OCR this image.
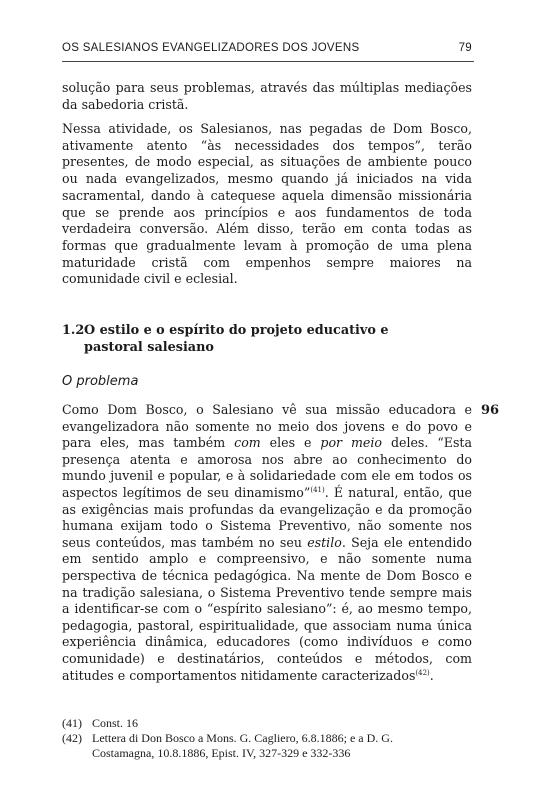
OS SALESIANOS EVANGELIZADORES DOS JOVENS	79
solução para seus problemas, através das múltiplas mediações da sabedoria cristã.
Nessa atividade, os Salesianos, nas pegadas de Dom Bosco, ativamente atento “às necessidades dos tempos”, terão presentes, de modo especial, as situações de ambiente pouco ou nada evangelizados, mesmo quando já iniciados na vida sacramental, dando à catequese aquela dimensão missionária que se prende aos princípios e aos fundamentos de toda verdadeira conversão. Além disso, terão em conta todas as formas que gradualmente levam à promoção de uma plena maturidade cristã com empenhos sempre maiores na comunidade civil e eclesial.
1.2O estilo e o espírito do projeto educativo e
pastoral salesiano
O problema
96
Como Dom Bosco, o Salesiano vê sua missão educadora e evangelizadora não somente no meio dos jovens e do povo e para eles, mas também com eles e por meio deles. “Esta presença atenta e amorosa nos abre ao conhecimento do mundo juvenil e popular, e à solidariedade com ele em todos os aspectos legítimos de seu dinamismo”$^{(41)}$. É natural, então, que as exigências mais profundas da evangelização e da promoção humana exijam todo o Sistema Preventivo, não somente nos seus conteúdos, mas também no seu estilo. Seja ele entendido em sentido amplo e compreensivo, e não somente numa perspectiva de técnica pedagógica. Na mente de Dom Bosco e na tradição salesiana, o Sistema Preventivo tende sempre mais a identificar-se com o “espírito salesiano”: é, ao mesmo tempo, pedagogia, pastoral, espiritualidade, que associam numa única experiência dinâmica, educadores (como indivíduos e como comunidade) e destinatários, conteúdos e métodos, com atitudes e comportamentos nitidamente caracterizados$^{(42)}$.
(41) Const. 16
(42) Lettera di Don Bosco a Mons. G. Cagliero, 6.8.1886; e a D. G.
Costamagna, 10.8.1886, Epist. IV, 327-329 e 332-336
